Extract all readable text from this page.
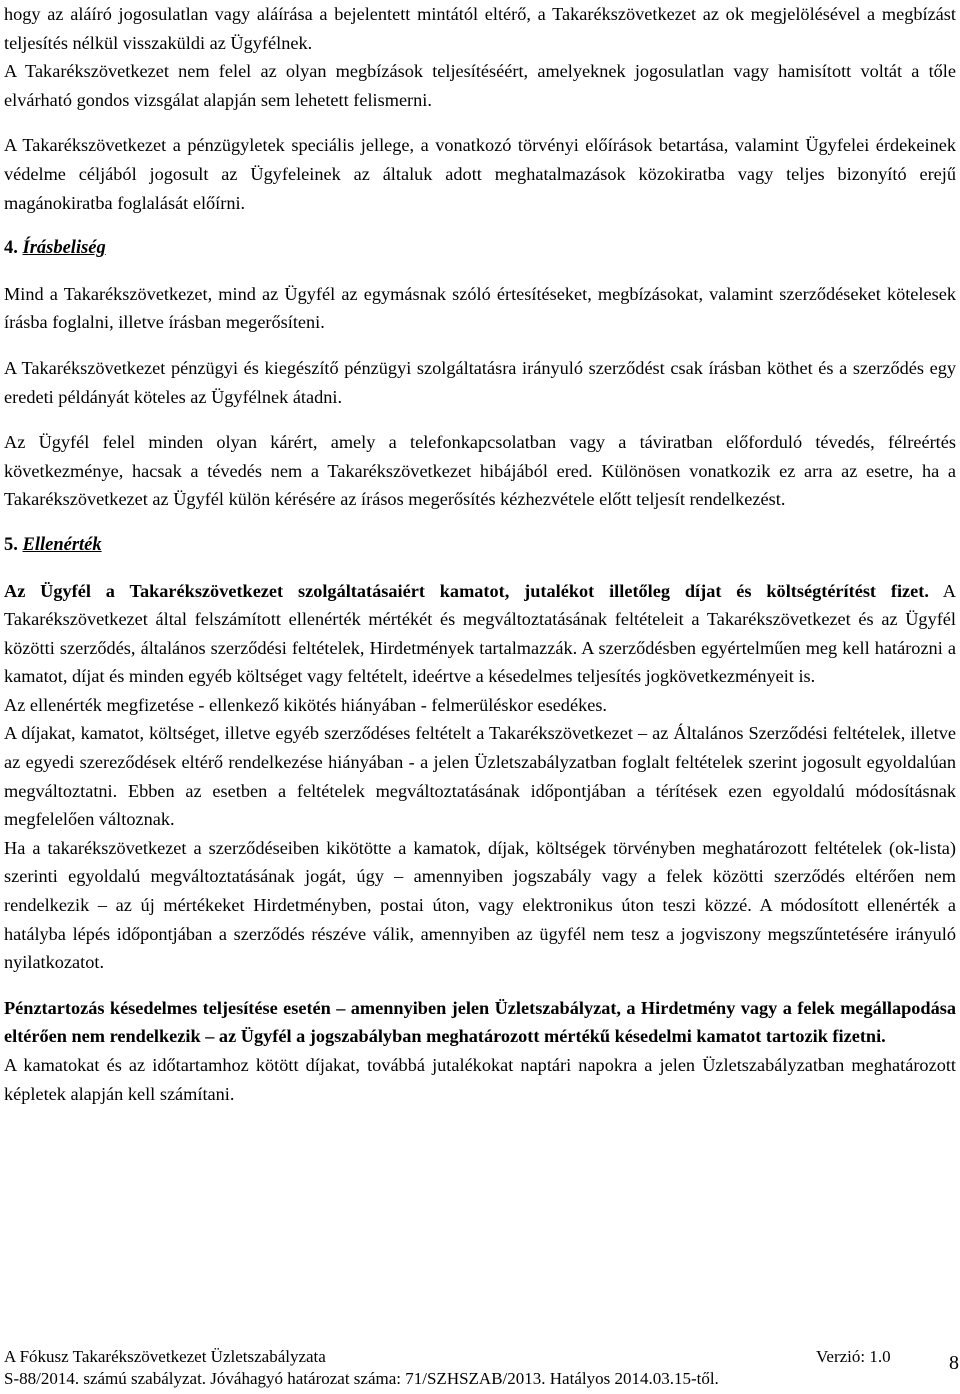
hogy az aláíró jogosulatlan vagy aláírása a bejelentett mintától eltérő, a Takarékszövetkezet az ok megjelölésével a megbízást teljesítés nélkül visszaküldi az Ügyfélnek.

A Takarékszövetkezet nem felel az olyan megbízások teljesítéséért, amelyeknek jogosulatlan vagy hamisított voltát a tőle elvárható gondos vizsgálat alapján sem lehetett felismerni.

A Takarékszövetkezet a pénzügyletek speciális jellege, a vonatkozó törvényi előírások betartása, valamint Ügyfelei érdekeinek védelme céljából jogosult az Ügyfeleinek az általuk adott meghatalmazások közokiratba vagy teljes bizonyító erejű magánokiratba foglalását előírni.

4. Írásbeliség

Mind a Takarékszövetkezet, mind az Ügyfél az egymásnak szóló értesítéseket, megbízásokat, valamint szerződéseket kötelesek írásba foglalni, illetve írásban megerősíteni.

A Takarékszövetkezet pénzügyi és kiegészítő pénzügyi szolgáltatásra irányuló szerződést csak írásban köthet és a szerződés egy eredeti példányát köteles az Ügyfélnek átadni.

Az Ügyfél felel minden olyan kárért, amely a telefonkapcsolatban vagy a táviratban előforduló tévedés, félreértés következménye, hacsak a tévedés nem a Takarékszövetkezet hibájából ered. Különösen vonatkozik ez arra az esetre, ha a Takarékszövetkezet az Ügyfél külön kérésére az írásos megerősítés kézhezvétele előtt teljesít rendelkezést.

5. Ellenérték

Az Ügyfél a Takarékszövetkezet szolgáltatásaiért kamatot, jutalékot illetőleg díjat és költségtérítést fizet. A Takarékszövetkezet által felszámított ellenérték mértékét és megváltoztatásának feltételeit a Takarékszövetkezet és az Ügyfél közötti szerződés, általános szerződési feltételek, Hirdetmények tartalmazzák. A szerződésben egyértelműen meg kell határozni a kamatot, díjat és minden egyéb költséget vagy feltételt, ideértve a késedelmes teljesítés jogkövetkezményeit is.

Az ellenérték megfizetése - ellenkező kikötés hiányában - felmerüléskor esedékes.

A díjakat, kamatot, költséget, illetve egyéb szerződéses feltételt a Takarékszövetkezet – az Általános Szerződési feltételek, illetve az egyedi szereződések eltérő rendelkezése hiányában - a jelen Üzletszabályzatban foglalt feltételek szerint jogosult egyoldalúan megváltoztatni. Ebben az esetben a feltételek megváltoztatásának időpontjában a térítések ezen egyoldalú módosításnak megfelelően változnak.

Ha a takarékszövetkezet a szerződéseiben kikötötte a kamatok, díjak, költségek törvényben meghatározott feltételek (ok-lista) szerinti egyoldalú megváltoztatásának jogát, úgy – amennyiben jogszabály vagy a felek közötti szerződés eltérően nem rendelkezik – az új mértékeket Hirdetményben, postai úton, vagy elektronikus úton teszi közzé. A módosított ellenérték a hatályba lépés időpontjában a szerződés részéve válik, amennyiben az ügyfél nem tesz a jogviszony megszűntetésére irányuló nyilatkozatot.

Pénztartozás késedelmes teljesítése esetén – amennyiben jelen Üzletszabályzat, a Hirdetmény vagy a felek megállapodása eltérően nem rendelkezik – az Ügyfél a jogszabályban meghatározott mértékű késedelmi kamatot tartozik fizetni.

A kamatokat és az időtartamhoz kötött díjakat, továbbá jutalékokat naptári napokra a jelen Üzletszabályzatban meghatározott képletek alapján kell számítani.

A Fókusz Takarékszövetkezet Üzletszabályzata	Verzió: 1.0	8
S-88/2014. számú szabályzat. Jóváhagyó határozat száma: 71/SZHSZAB/2013. Hatályos 2014.03.15-től.
